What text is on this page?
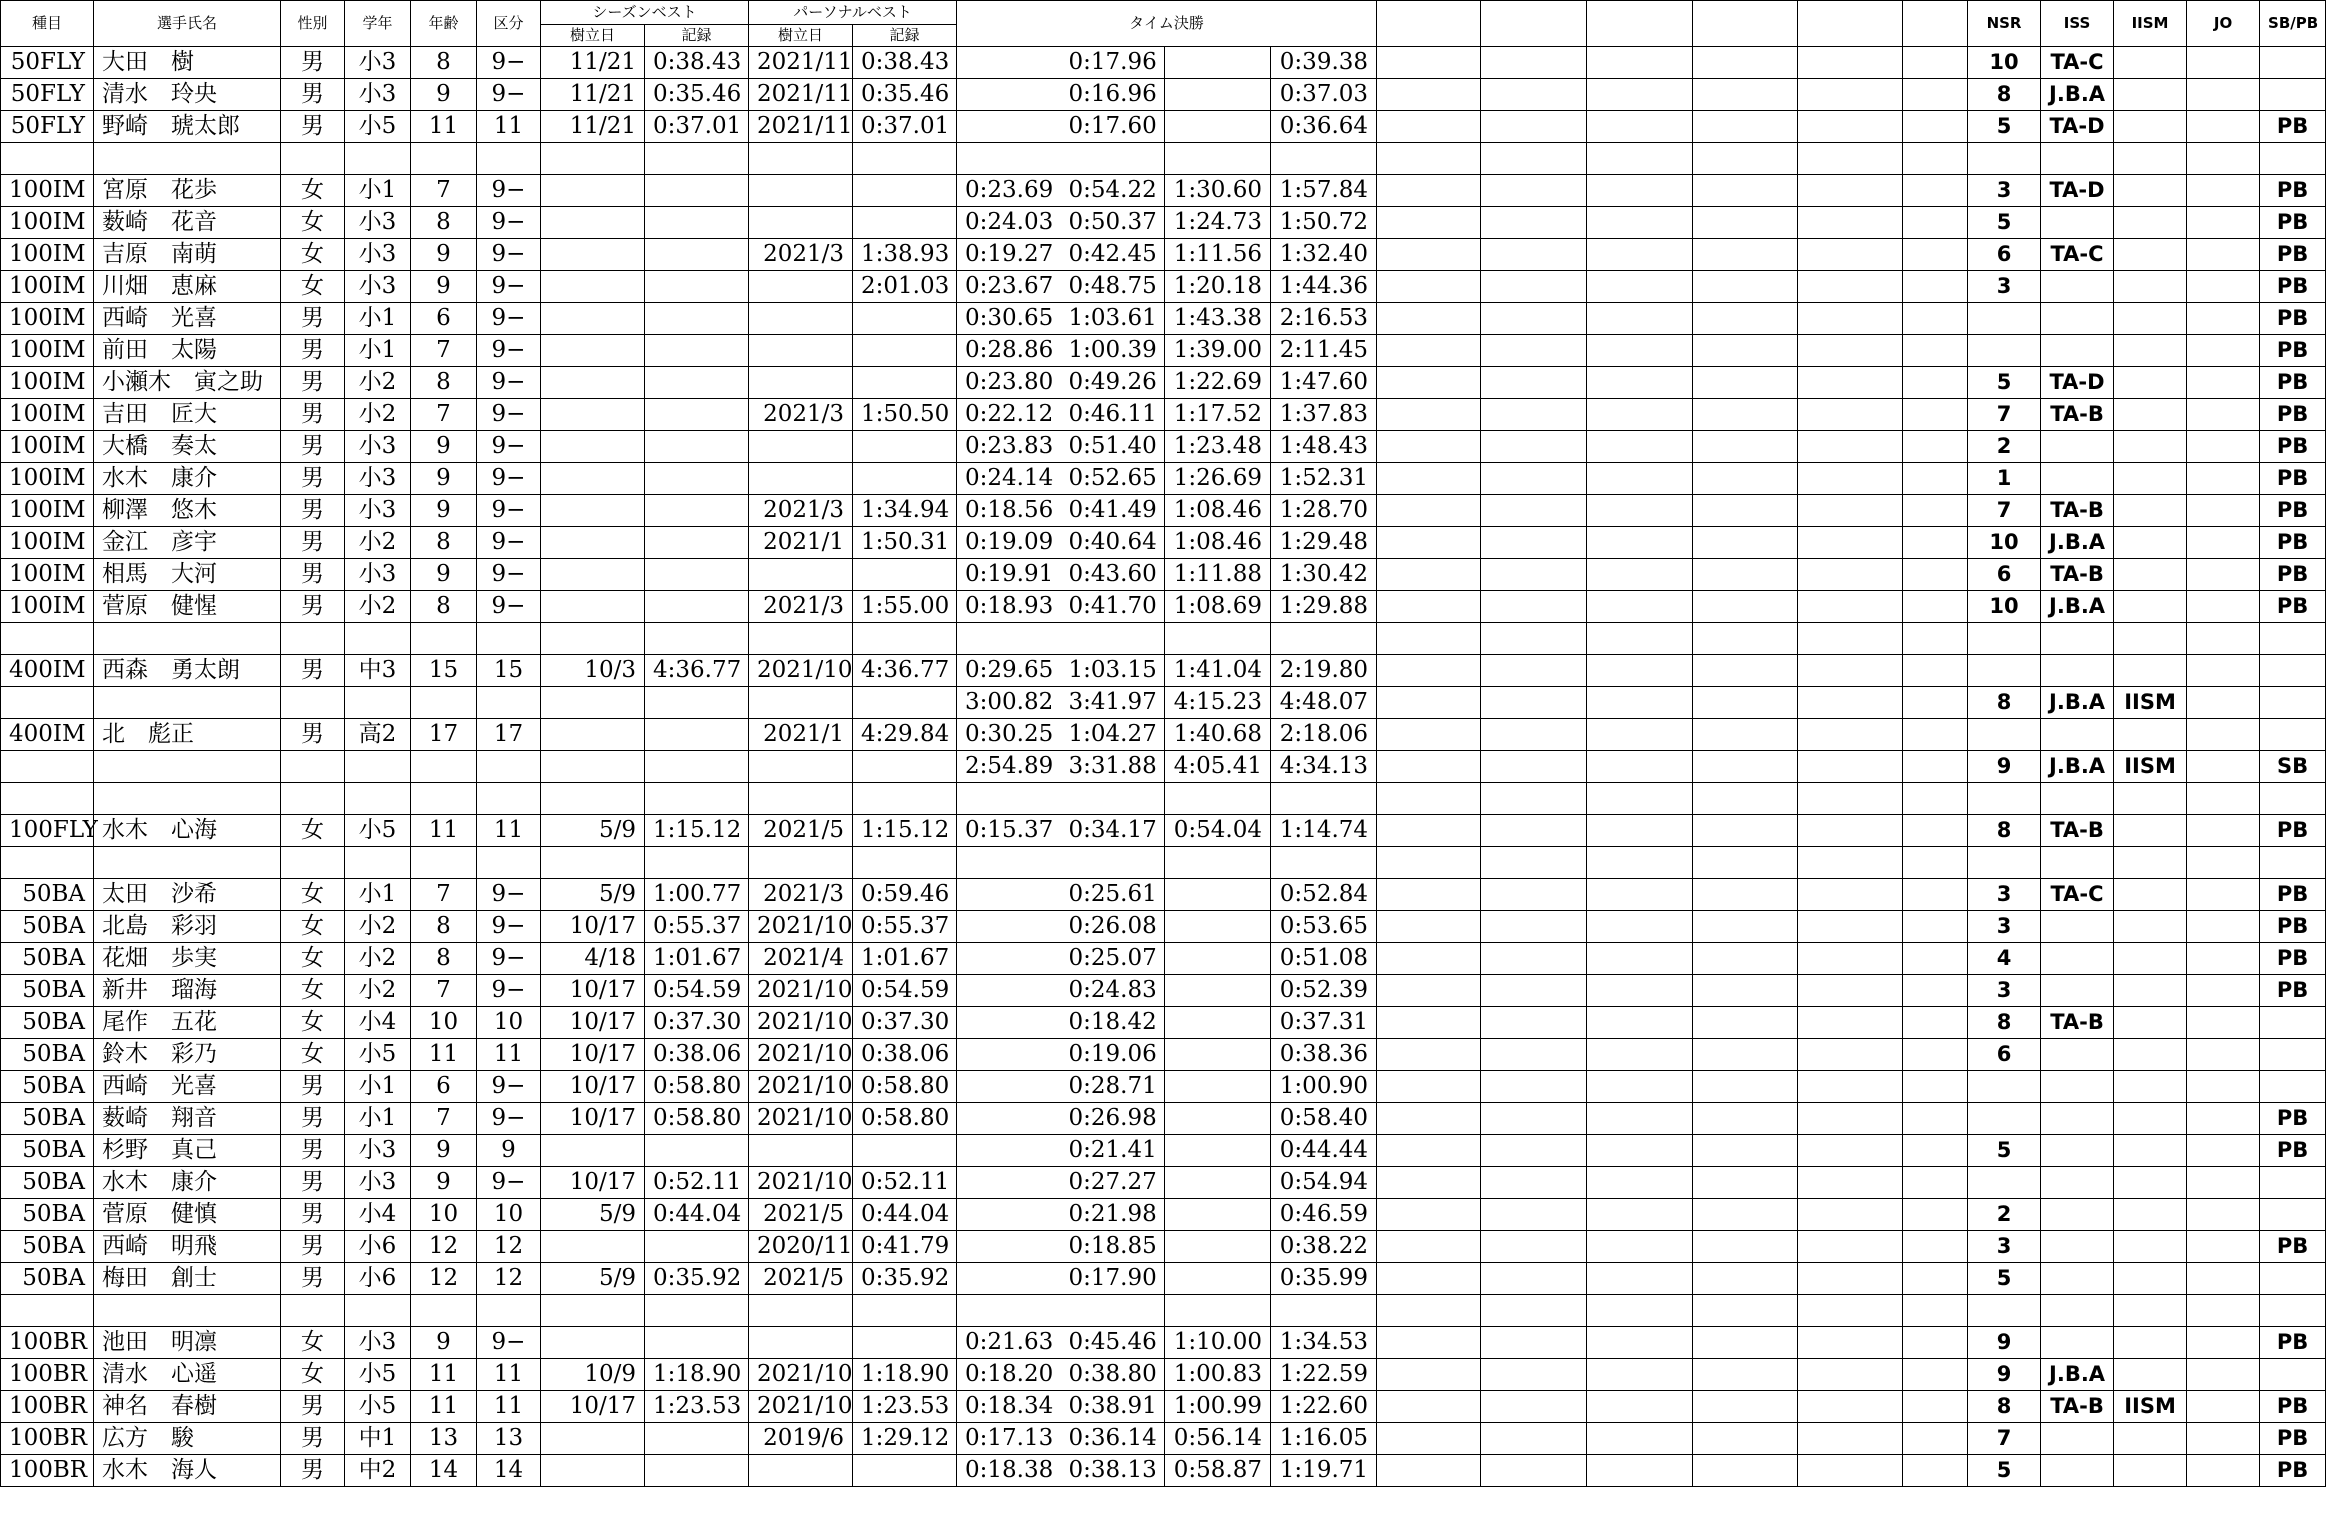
種目	選手氏名	性別	学年	年齢	区分	シーズンベスト		パーソナルベスト		タイム決勝										NSR	ISS	IISM	JO	SB/PB
						樹立日	記録	樹立日	記録															
50FLY	大田　樹	男	小3	8	9−	11/21	0:38.43	2021/11	0:38.43		0:17.96		0:39.38							10	TA-C			
50FLY	清水　玲央	男	小3	9	9−	11/21	0:35.46	2021/11	0:35.46		0:16.96		0:37.03							8	J.B.A			
50FLY	野崎　琥太郎	男	小5	11	11	11/21	0:37.01	2021/11	0:37.01		0:17.60		0:36.64							5	TA-D			PB

100IM	宮原　花歩	女	小1	7	9−					0:23.69	0:54.22	1:30.60	1:57.84							3	TA-D			PB
100IM	薮崎　花音	女	小3	8	9−					0:24.03	0:50.37	1:24.73	1:50.72							5				PB
100IM	吉原　南萌	女	小3	9	9−			2021/3	1:38.93	0:19.27	0:42.45	1:11.56	1:32.40							6	TA-C			PB
100IM	川畑　恵麻	女	小3	9	9−				2:01.03	0:23.67	0:48.75	1:20.18	1:44.36							3				PB
100IM	西崎　光喜	男	小1	6	9−					0:30.65	1:03.61	1:43.38	2:16.53											PB
100IM	前田　太陽	男	小1	7	9−					0:28.86	1:00.39	1:39.00	2:11.45											PB
100IM	小瀬木　寅之助	男	小2	8	9−					0:23.80	0:49.26	1:22.69	1:47.60							5	TA-D			PB
100IM	吉田　匠大	男	小2	7	9−			2021/3	1:50.50	0:22.12	0:46.11	1:17.52	1:37.83							7	TA-B			PB
100IM	大橋　奏太	男	小3	9	9−					0:23.83	0:51.40	1:23.48	1:48.43							2				PB
100IM	水木　康介	男	小3	9	9−					0:24.14	0:52.65	1:26.69	1:52.31							1				PB
100IM	柳澤　悠木	男	小3	9	9−			2021/3	1:34.94	0:18.56	0:41.49	1:08.46	1:28.70							7	TA-B			PB
100IM	金江　彦宇	男	小2	8	9−			2021/1	1:50.31	0:19.09	0:40.64	1:08.46	1:29.48							10	J.B.A			PB
100IM	相馬　大河	男	小3	9	9−					0:19.91	0:43.60	1:11.88	1:30.42							6	TA-B			PB
100IM	菅原　健惺	男	小2	8	9−			2021/3	1:55.00	0:18.93	0:41.70	1:08.69	1:29.88							10	J.B.A			PB

400IM	西森　勇太朗	男	中3	15	15	10/3	4:36.77	2021/10	4:36.77	0:29.65	1:03.15	1:41.04	2:19.80											
										3:00.82	3:41.97	4:15.23	4:48.07							8	J.B.A	IISM		
400IM	北　彪正	男	高2	17	17			2021/1	4:29.84	0:30.25	1:04.27	1:40.68	2:18.06											
										2:54.89	3:31.88	4:05.41	4:34.13							9	J.B.A	IISM		SB

100FLY	水木　心海	女	小5	11	11	5/9	1:15.12	2021/5	1:15.12	0:15.37	0:34.17	0:54.04	1:14.74							8	TA-B			PB

50BA	太田　沙希	女	小1	7	9−	5/9	1:00.77	2021/3	0:59.46		0:25.61		0:52.84							3	TA-C			PB
50BA	北島　彩羽	女	小2	8	9−	10/17	0:55.37	2021/10	0:55.37		0:26.08		0:53.65							3				PB
50BA	花畑　歩実	女	小2	8	9−	4/18	1:01.67	2021/4	1:01.67		0:25.07		0:51.08							4				PB
50BA	新井　瑠海	女	小2	7	9−	10/17	0:54.59	2021/10	0:54.59		0:24.83		0:52.39							3				PB
50BA	尾作　五花	女	小4	10	10	10/17	0:37.30	2021/10	0:37.30		0:18.42		0:37.31							8	TA-B			
50BA	鈴木　彩乃	女	小5	11	11	10/17	0:38.06	2021/10	0:38.06		0:19.06		0:38.36							6				
50BA	西崎　光喜	男	小1	6	9−	10/17	0:58.80	2021/10	0:58.80		0:28.71		1:00.90											
50BA	薮崎　翔音	男	小1	7	9−	10/17	0:58.80	2021/10	0:58.80		0:26.98		0:58.40											PB
50BA	杉野　真己	男	小3	9	9						0:21.41		0:44.44							5				PB
50BA	水木　康介	男	小3	9	9−	10/17	0:52.11	2021/10	0:52.11		0:27.27		0:54.94											
50BA	菅原　健慎	男	小4	10	10	5/9	0:44.04	2021/5	0:44.04		0:21.98		0:46.59							2				
50BA	西崎　明飛	男	小6	12	12			2020/11	0:41.79		0:18.85		0:38.22							3				PB
50BA	梅田　創士	男	小6	12	12	5/9	0:35.92	2021/5	0:35.92		0:17.90		0:35.99							5				

100BR	池田　明凛	女	小3	9	9−					0:21.63	0:45.46	1:10.00	1:34.53							9				PB
100BR	清水　心遥	女	小5	11	11	10/9	1:18.90	2021/10	1:18.90	0:18.20	0:38.80	1:00.83	1:22.59							9	J.B.A			
100BR	神名　春樹	男	小5	11	11	10/17	1:23.53	2021/10	1:23.53	0:18.34	0:38.91	1:00.99	1:22.60							8	TA-B	IISM		PB
100BR	広方　駿	男	中1	13	13			2019/6	1:29.12	0:17.13	0:36.14	0:56.14	1:16.05							7				PB
100BR	水木　海人	男	中2	14	14					0:18.38	0:38.13	0:58.87	1:19.71							5				PB
